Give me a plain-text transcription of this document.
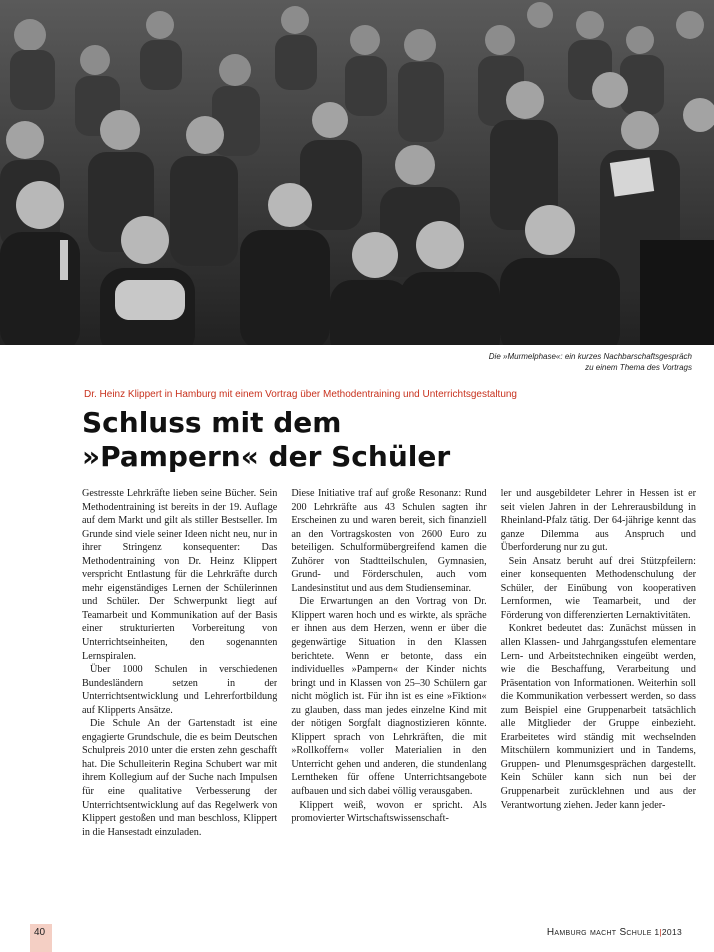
Die »Murmelphase«: ein kurzes Nachbarschaftsgespräch
zu einem Thema des Vortrags
Dr. Heinz Klippert in Hamburg mit einem Vortrag über Methodentraining und Unterrichtsgestaltung
Schluss mit dem
»Pampern« der Schüler

Gestresste Lehrkräfte lieben seine Bücher. Sein Methodentraining ist bereits in der 19. Auflage auf dem Markt und gilt als stiller Bestseller. Im Grunde sind viele seiner Ideen nicht neu, nur in ihrer Stringenz konsequenter: Das Methodentraining von Dr. Heinz Klippert verspricht Entlastung für die Lehrkräfte durch mehr eigenständiges Lernen der Schülerinnen und Schüler. Der Schwerpunkt liegt auf Teamarbeit und Kommunikation auf der Basis einer strukturierten Vorbereitung von Unterrichtseinheiten, den sogenannten Lernspiralen.

Über 1000 Schulen in verschiedenen Bundesländern setzen in der Unterrichtsentwicklung und Lehrerfortbildung auf Klipperts Ansätze.

Die Schule An der Gartenstadt ist eine engagierte Grundschule, die es beim Deutschen Schulpreis 2010 unter die ersten zehn geschafft hat. Die Schulleiterin Regina Schubert war mit ihrem Kollegium auf der Suche nach Impulsen für eine qualitative Verbesserung der Unterrichtsentwicklung auf das Regelwerk von Klippert gestoßen und man beschloss, Klippert in die Hansestadt einzuladen.

Diese Initiative traf auf große Resonanz: Rund 200 Lehrkräfte aus 43 Schulen sagten ihr Erscheinen zu und waren bereit, sich finanziell an den Vortragskosten von 2600 Euro zu beteiligen. Schulformübergreifend kamen die Zuhörer von Stadtteilschulen, Gymnasien, Grund- und Förderschulen, auch vom Landesinstitut und aus dem Studienseminar.

Die Erwartungen an den Vortrag von Dr. Klippert waren hoch und es wirkte, als spräche er ihnen aus dem Herzen, wenn er über die gegenwärtige Situation in den Klassen berichtete. Wenn er betonte, dass ein individuelles »Pampern« der Kinder nichts bringt und in Klassen von 25–30 Schülern gar nicht möglich ist. Für ihn ist es eine »Fiktion« zu glauben, dass man jedes einzelne Kind mit der nötigen Sorgfalt diagnostizieren könnte. Klippert sprach von Lehrkräften, die mit »Rollkoffern« voller Materialien in den Unterricht gehen und anderen, die stundenlang Lerntheken für offene Unterrichtsangebote aufbauen und sich dabei völlig verausgaben.

Klippert weiß, wovon er spricht. Als promovierter Wirtschaftswissenschaft-

ler und ausgebildeter Lehrer in Hessen ist er seit vielen Jahren in der Lehrerausbildung in Rheinland-Pfalz tätig. Der 64-jährige kennt das ganze Dilemma aus Anspruch und Überforderung nur zu gut.

Sein Ansatz beruht auf drei Stützpfeilern: einer konsequenten Methodenschulung der Schüler, der Einübung von kooperativen Lernformen, wie Teamarbeit, und der Förderung von differenzierten Lernaktivitäten.

Konkret bedeutet das: Zunächst müssen in allen Klassen- und Jahrgangsstufen elementare Lern- und Arbeitstechniken eingeübt werden, wie die Beschaffung, Verarbeitung und Präsentation von Informationen. Weiterhin soll die Kommunikation verbessert werden, so dass zum Beispiel eine Gruppenarbeit tatsächlich alle Mitglieder der Gruppe einbezieht. Erarbeitetes wird ständig mit wechselnden Mitschülern kommuniziert und in Tandems, Gruppen- und Plenumsgesprächen dargestellt. Kein Schüler kann sich nun bei der Gruppenarbeit zurücklehnen und aus der Verantwortung ziehen. Jeder kann jeder-

40	Hamburg macht Schule 1|2013
